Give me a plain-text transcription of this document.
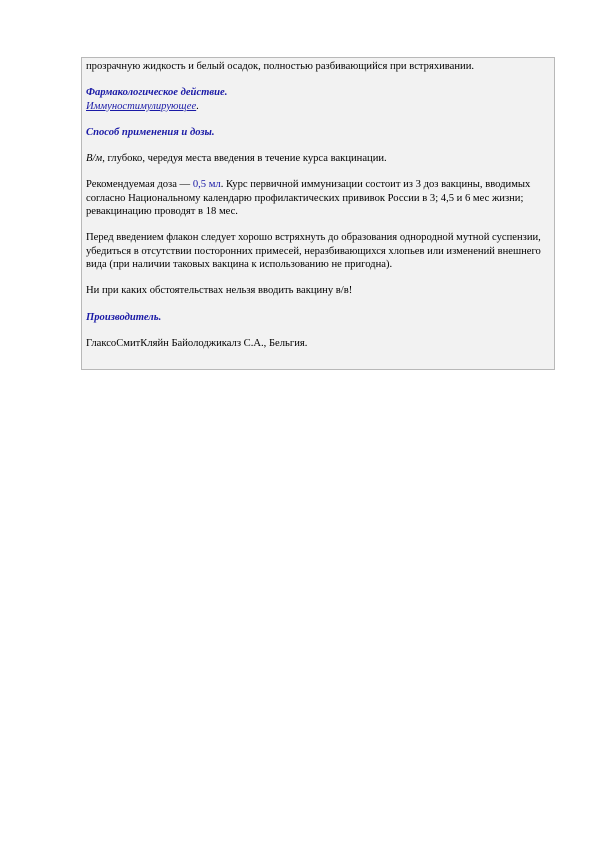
прозрачную жидкость и белый осадок, полностью разбивающийся при встряхивании.

Фармакологическое действие.

Иммуностимулирующее.

Способ применения и дозы.

В/м, глубоко, чередуя места введения в течение курса вакцинации.

Рекомендуемая доза — 0,5 мл. Курс первичной иммунизации состоит из 3 доз вакцины, вводимых согласно Национальному календарю профилактических прививок России в 3; 4,5 и 6 мес жизни; ревакцинацию проводят в 18 мес.

Перед введением флакон следует хорошо встряхнуть до образования однородной мутной суспензии, убедиться в отсутствии посторонних примесей, неразбивающихся хлопьев или изменений внешнего вида (при наличии таковых вакцина к использованию не пригодна).

Ни при каких обстоятельствах нельзя вводить вакцину в/в!

Производитель.

ГлаксоСмитКляйн Байолоджикалз С.А., Бельгия.
